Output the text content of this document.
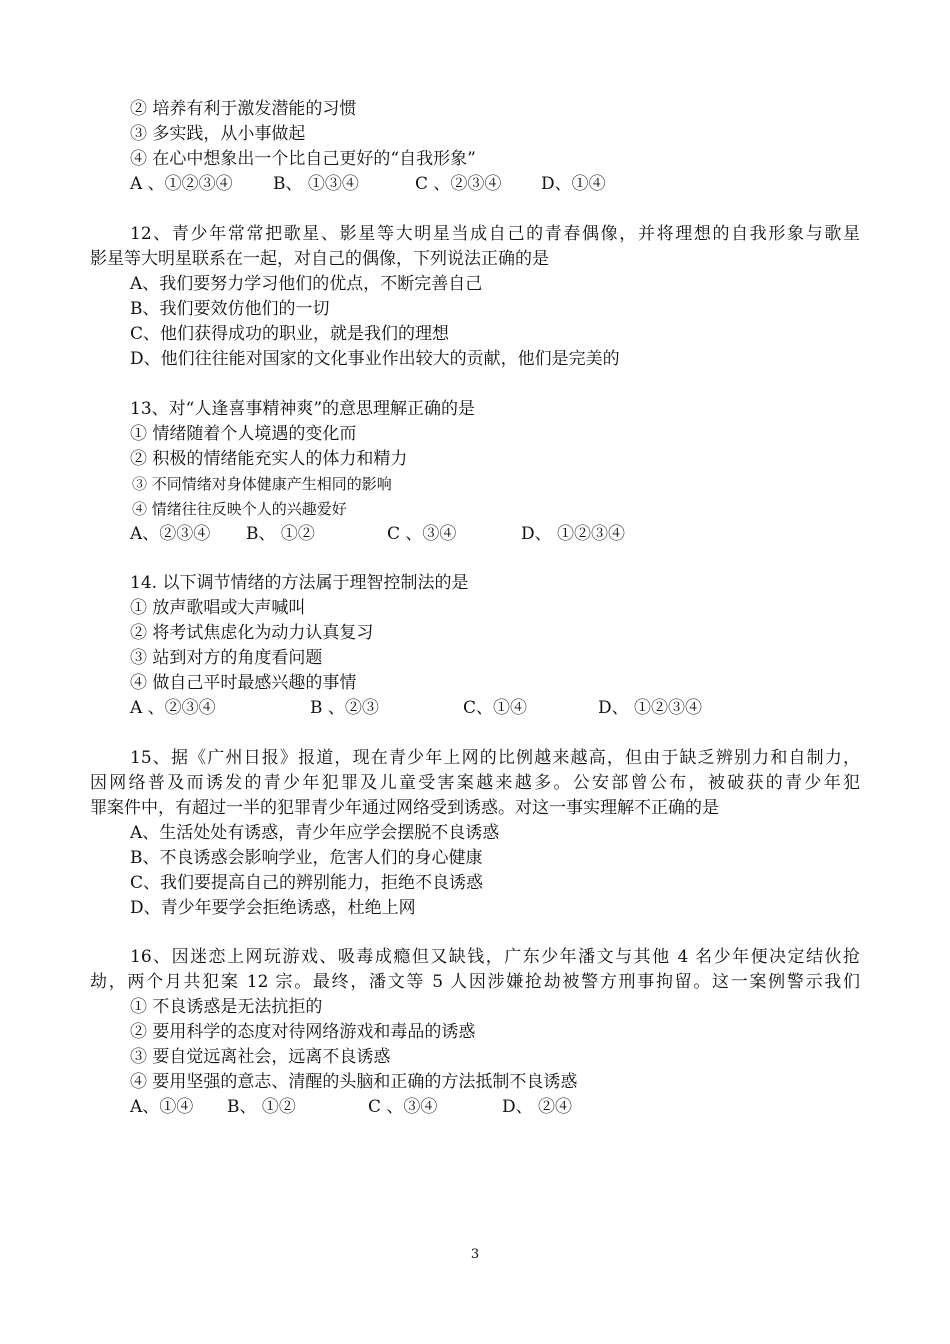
② 培养有利于激发潜能的习惯
③ 多实践，从小事做起
④ 在心中想象出一个比自己更好的“自我形象”
A 、①②③④ B、 ①③④	C 、②③④ D、①④
12、青少年常常把歌星、影星等大明星当成自己的青春偶像，并将理想的自我形象与歌星
影星等大明星联系在一起，对自己的偶像，下列说法正确的是
A、我们要努力学习他们的优点，不断完善自己
B、我们要效仿他们的一切
C、他们获得成功的职业，就是我们的理想
D、他们往往能对国家的文化事业作出较大的贡献，他们是完美的
13、对“人逢喜事精神爽”的意思理解正确的是
① 情绪随着个人境遇的变化而
② 积极的情绪能充实人的体力和精力
③ 不同情绪对身体健康产生相同的影响
④ 情绪往往反映个人的兴趣爱好
A、②③④ B、 ①②	C 、③④	D、 ①②③④
14. 以下调节情绪的方法属于理智控制法的是
① 放声歌唱或大声喊叫
② 将考试焦虑化为动力认真复习
③ 站到对方的角度看问题
④ 做自己平时最感兴趣的事情
A 、②③④	B 、②③	C、①④	D、 ①②③④
15、据《广州日报》报道，现在青少年上网的比例越来越高，但由于缺乏辨别力和自制力，
因网络普及而诱发的青少年犯罪及儿童受害案越来越多。公安部曾公布，被破获的青少年犯
罪案件中，有超过一半的犯罪青少年通过网络受到诱惑。对这一事实理解不正确的是
A、生活处处有诱惑，青少年应学会摆脱不良诱惑
B、不良诱惑会影响学业，危害人们的身心健康
C、我们要提高自己的辨别能力，拒绝不良诱惑
D、青少年要学会拒绝诱惑，杜绝上网
16、因迷恋上网玩游戏、吸毒成瘾但又缺钱，广东少年潘文与其他 4 名少年便决定结伙抢
劫，两个月共犯案 12 宗。最终，潘文等 5 人因涉嫌抢劫被警方刑事拘留。这一案例警示我们
① 不良诱惑是无法抗拒的
② 要用科学的态度对待网络游戏和毒品的诱惑
③ 要自觉远离社会，远离不良诱惑
④ 要用坚强的意志、清醒的头脑和正确的方法抵制不良诱惑
A、①④ B、 ①②	C 、③④	D、 ②④
3
